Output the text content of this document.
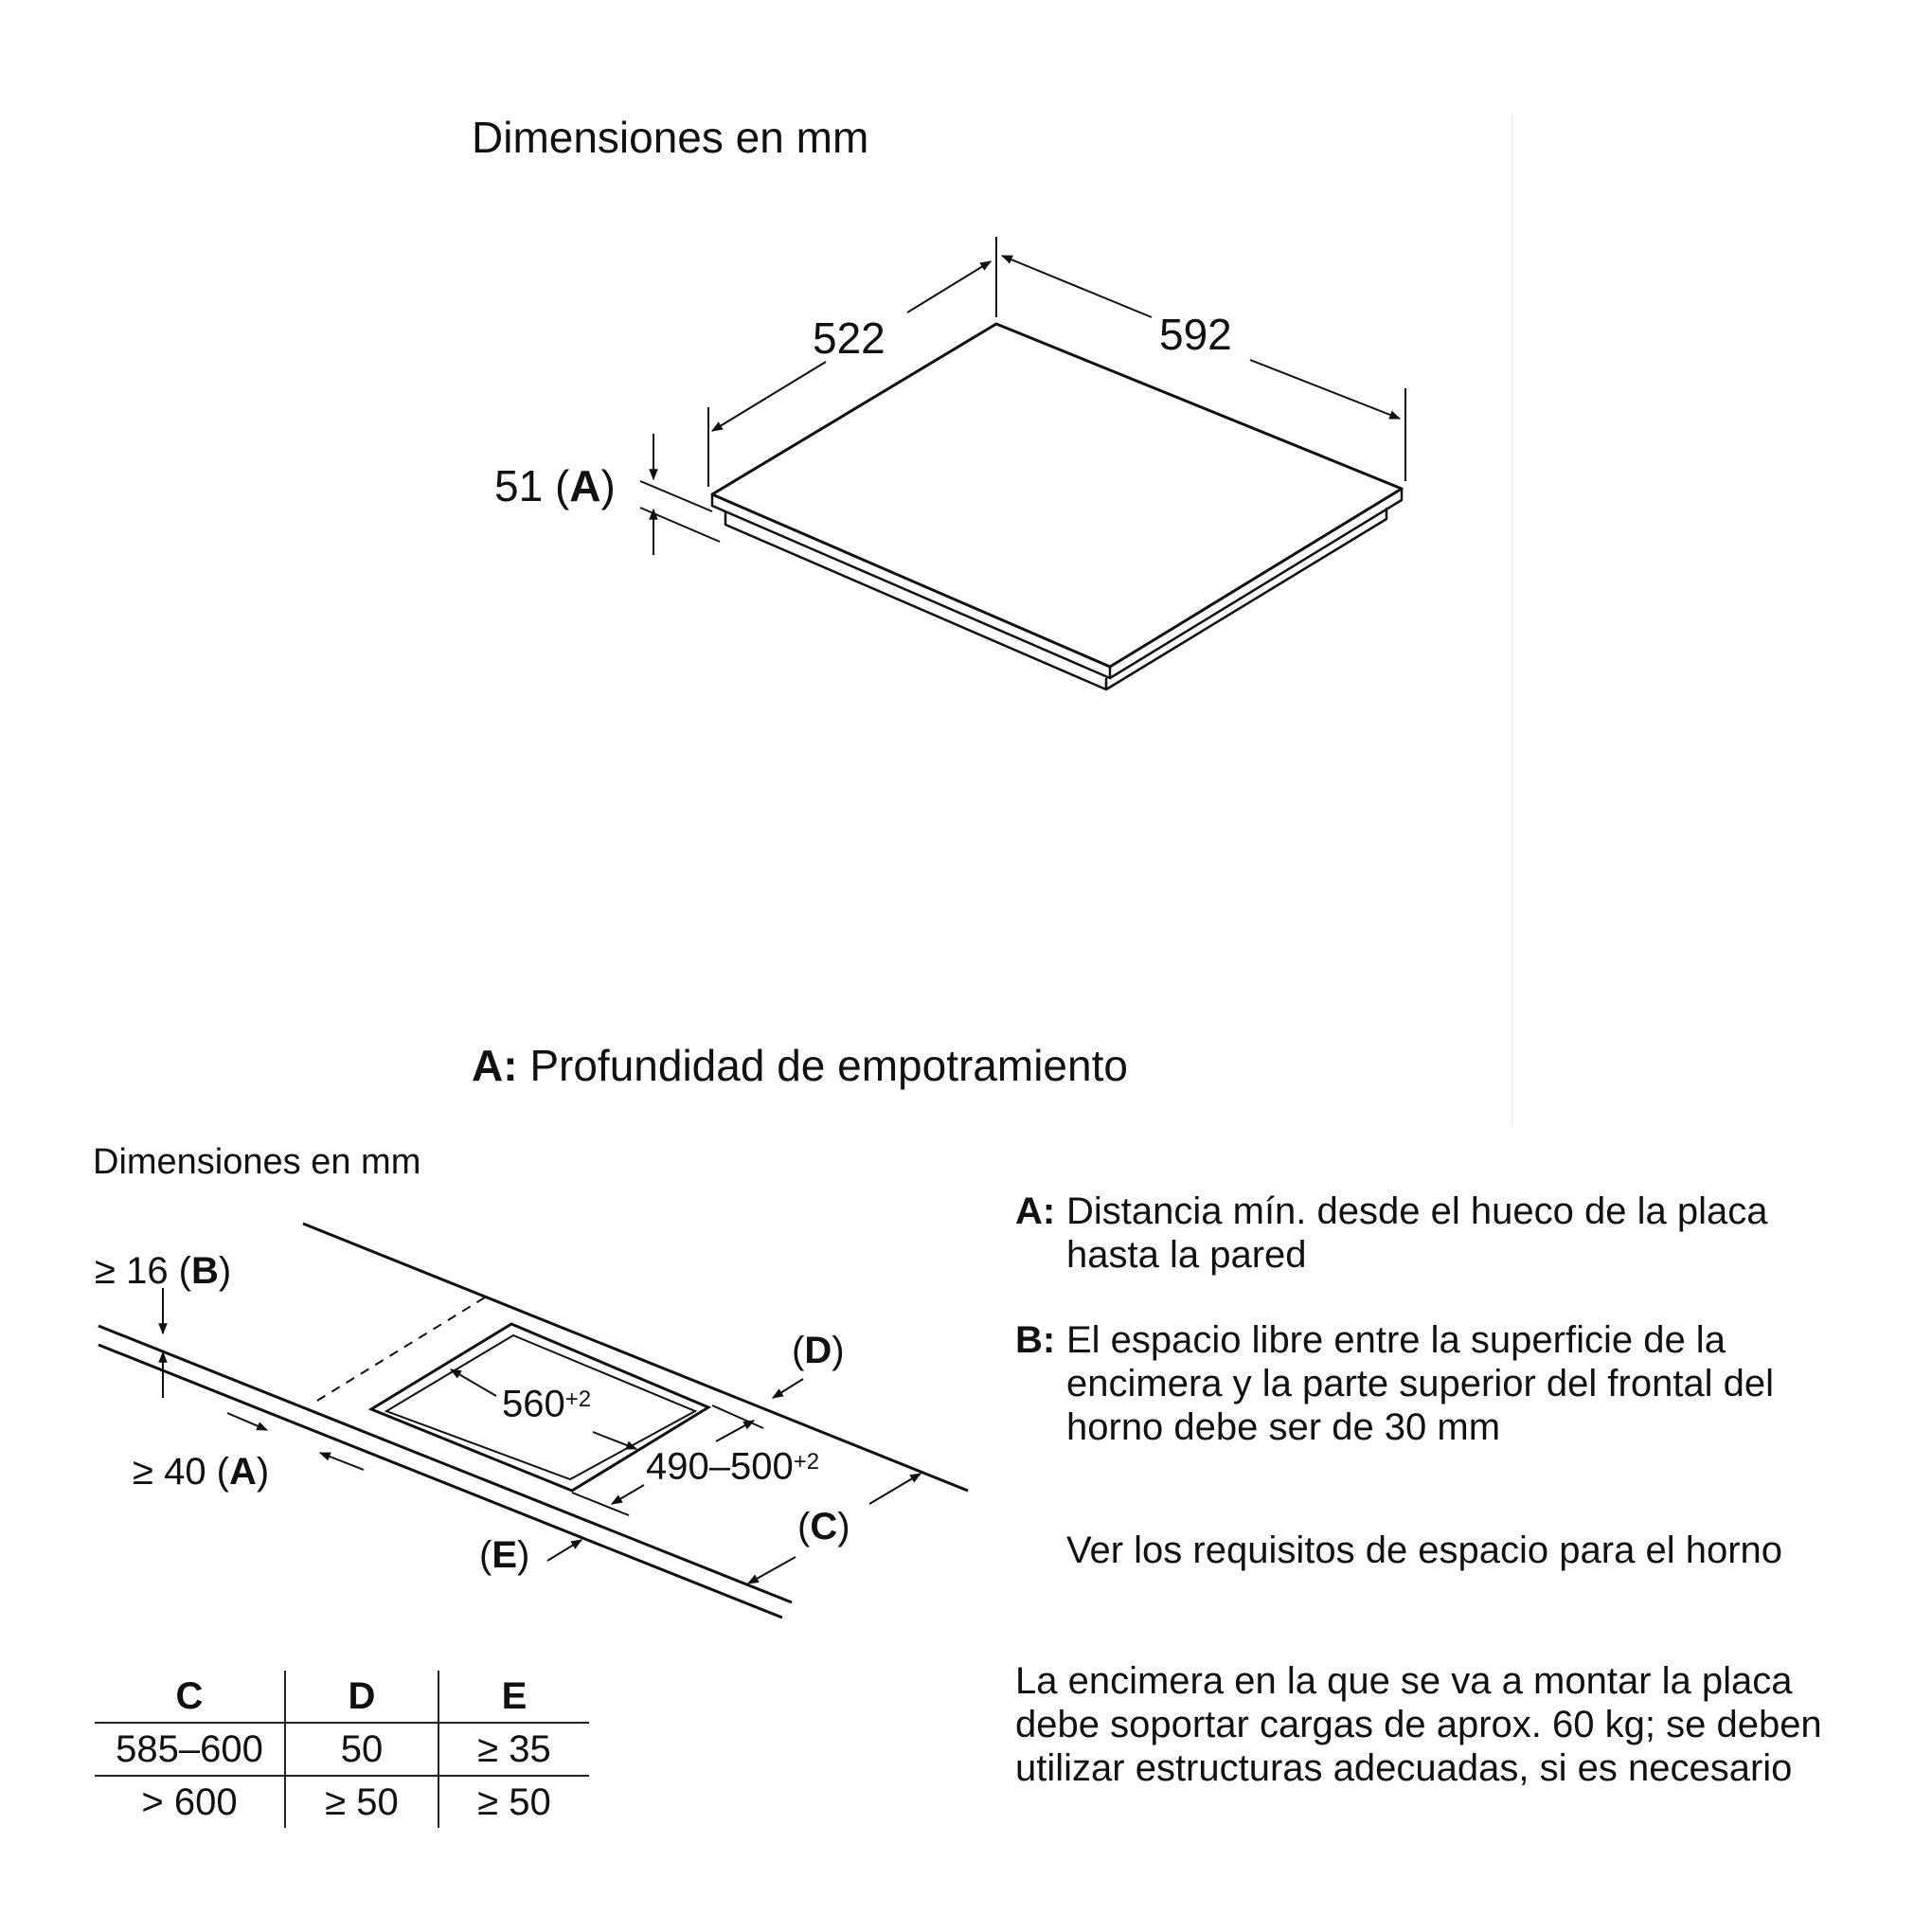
Dimensiones en mm
522	592
51 (A)
A: Profundidad de empotramiento
Dimensiones en mm
≥ 16 (B)
≥ 40 (A)
$560^{+2}$
$490-500^{+2}$
(D)
(C)
(E)
C	D	E
585–600	50	≥ 35
> 600	≥ 50	≥ 50
A: Distancia mín. desde el hueco de la placa hasta la pared
B: El espacio libre entre la superficie de la encimera y la parte superior del frontal del horno debe ser de 30 mm
Ver los requisitos de espacio para el horno
La encimera en la que se va a montar la placa debe soportar cargas de aprox. 60 kg; se deben utilizar estructuras adecuadas, si es necesario
